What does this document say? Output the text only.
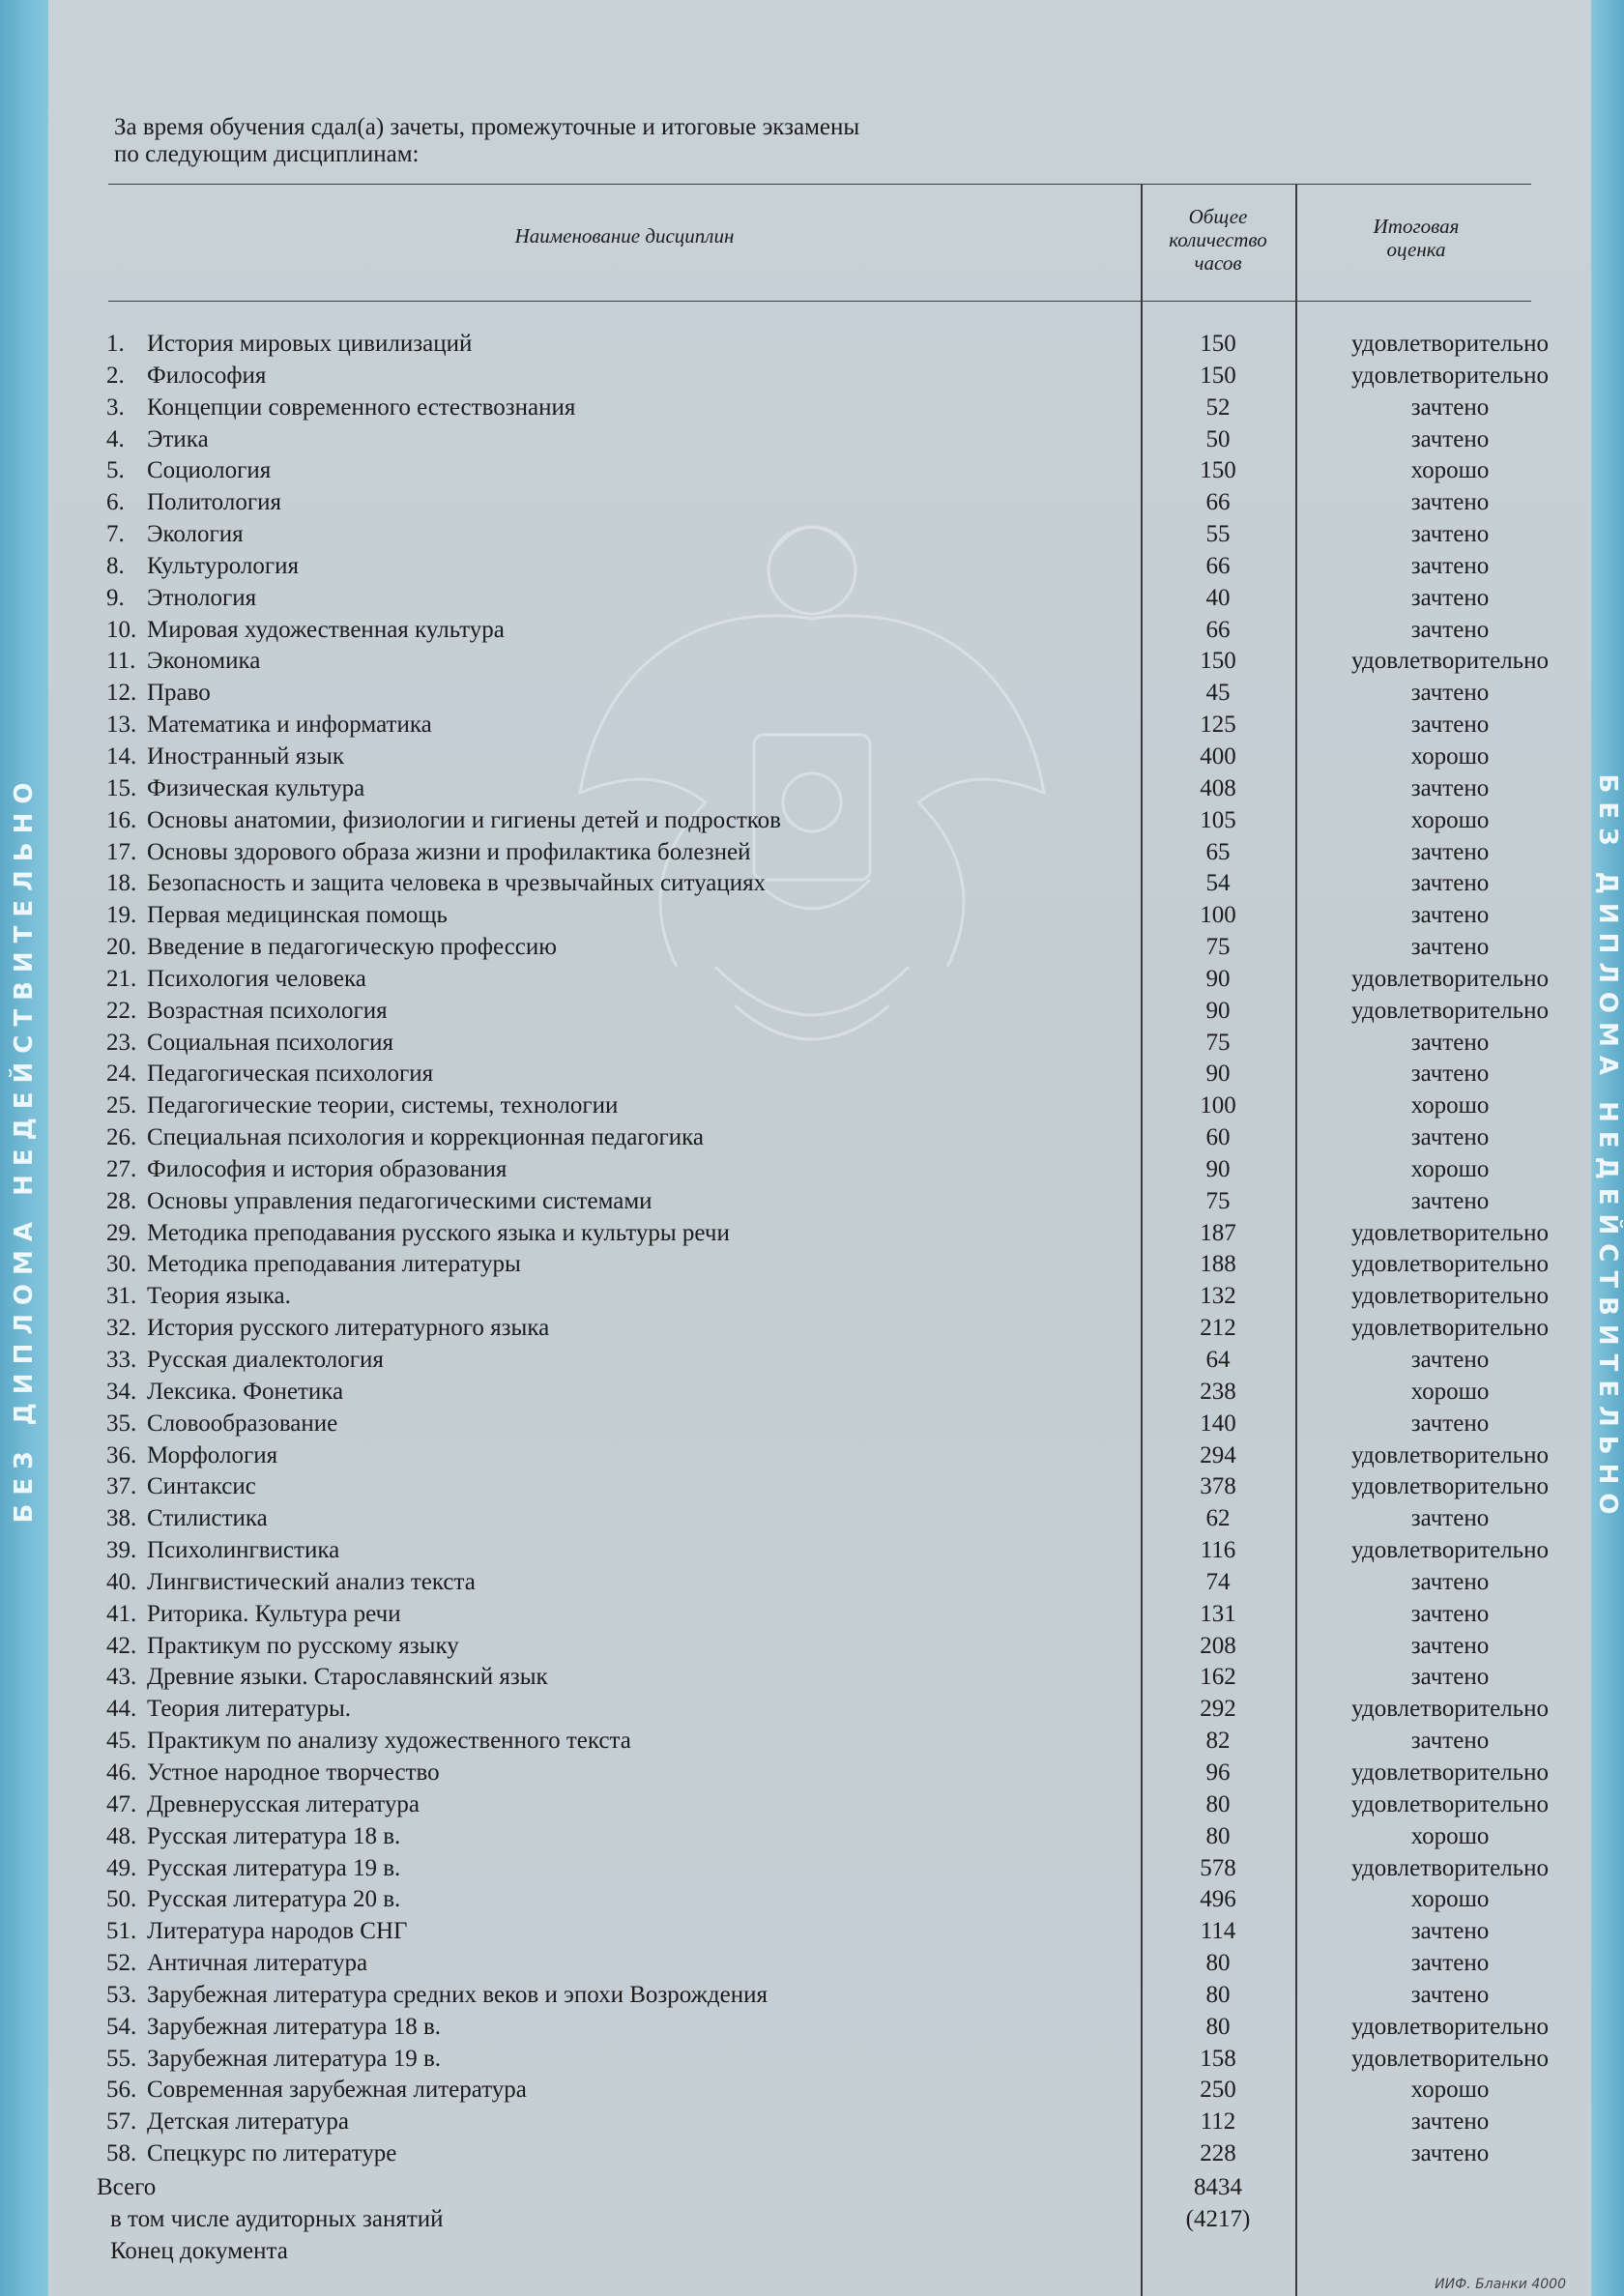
БЕЗ ДИПЛОМА НЕДЕЙСТВИТЕЛЬНО	БЕЗ ДИПЛОМА НЕДЕЙСТВИТЕЛЬНО
За время обучения сдал(а) зачеты, промежуточные и итоговые экзамены
по следующим дисциплинам:
Наименование дисциплин
Общее
количество
часов
Итоговая
оценка
1. История мировых цивилизаций	150	удовлетворительно
2. Философия	150	удовлетворительно
3. Концепции современного естествознания	52	зачтено
4. Этика	50	зачтено
5. Социология	150	хорошо
6. Политология	66	зачтено
7. Экология	55	зачтено
8. Культурология	66	зачтено
9. Этнология	40	зачтено
10. Мировая художественная культура	66	зачтено
11. Экономика	150	удовлетворительно
12. Право	45	зачтено
13. Математика и информатика	125	зачтено
14. Иностранный язык	400	хорошо
15. Физическая культура	408	зачтено
16. Основы анатомии, физиологии и гигиены детей и подростков	105	хорошо
17. Основы здорового образа жизни и профилактика болезней	65	зачтено
18. Безопасность и защита человека в чрезвычайных ситуациях	54	зачтено
19. Первая медицинская помощь	100	зачтено
20. Введение в педагогическую профессию	75	зачтено
21. Психология человека	90	удовлетворительно
22. Возрастная психология	90	удовлетворительно
23. Социальная психология	75	зачтено
24. Педагогическая психология	90	зачтено
25. Педагогические теории, системы, технологии	100	хорошо
26. Специальная психология и коррекционная педагогика	60	зачтено
27. Философия и история образования	90	хорошо
28. Основы управления педагогическими системами	75	зачтено
29. Методика преподавания русского языка и культуры речи	187	удовлетворительно
30. Методика преподавания литературы	188	удовлетворительно
31. Теория языка.	132	удовлетворительно
32. История русского литературного языка	212	удовлетворительно
33. Русская диалектология	64	зачтено
34. Лексика. Фонетика	238	хорошо
35. Словообразование	140	зачтено
36. Морфология	294	удовлетворительно
37. Синтаксис	378	удовлетворительно
38. Стилистика	62	зачтено
39. Психолингвистика	116	удовлетворительно
40. Лингвистический анализ текста	74	зачтено
41. Риторика. Культура речи	131	зачтено
42. Практикум по русскому языку	208	зачтено
43. Древние языки. Старославянский язык	162	зачтено
44. Теория литературы.	292	удовлетворительно
45. Практикум по анализу художественного текста	82	зачтено
46. Устное народное творчество	96	удовлетворительно
47. Древнерусская литература	80	удовлетворительно
48. Русская литература 18 в.	80	хорошо
49. Русская литература 19 в.	578	удовлетворительно
50. Русская литература 20 в.	496	хорошо
51. Литература народов СНГ	114	зачтено
52. Античная литература	80	зачтено
53. Зарубежная литература средних веков и эпохи Возрождения	80	зачтено
54. Зарубежная литература 18 в.	80	удовлетворительно
55. Зарубежная литература 19 в.	158	удовлетворительно
56. Современная зарубежная литература	250	хорошо
57. Детская литература	112	зачтено
58. Спецкурс по литературе	228	зачтено
Всего	8434
в том числе аудиторных занятий	(4217)
Конец документа
ИИФ. Бланки 4000
